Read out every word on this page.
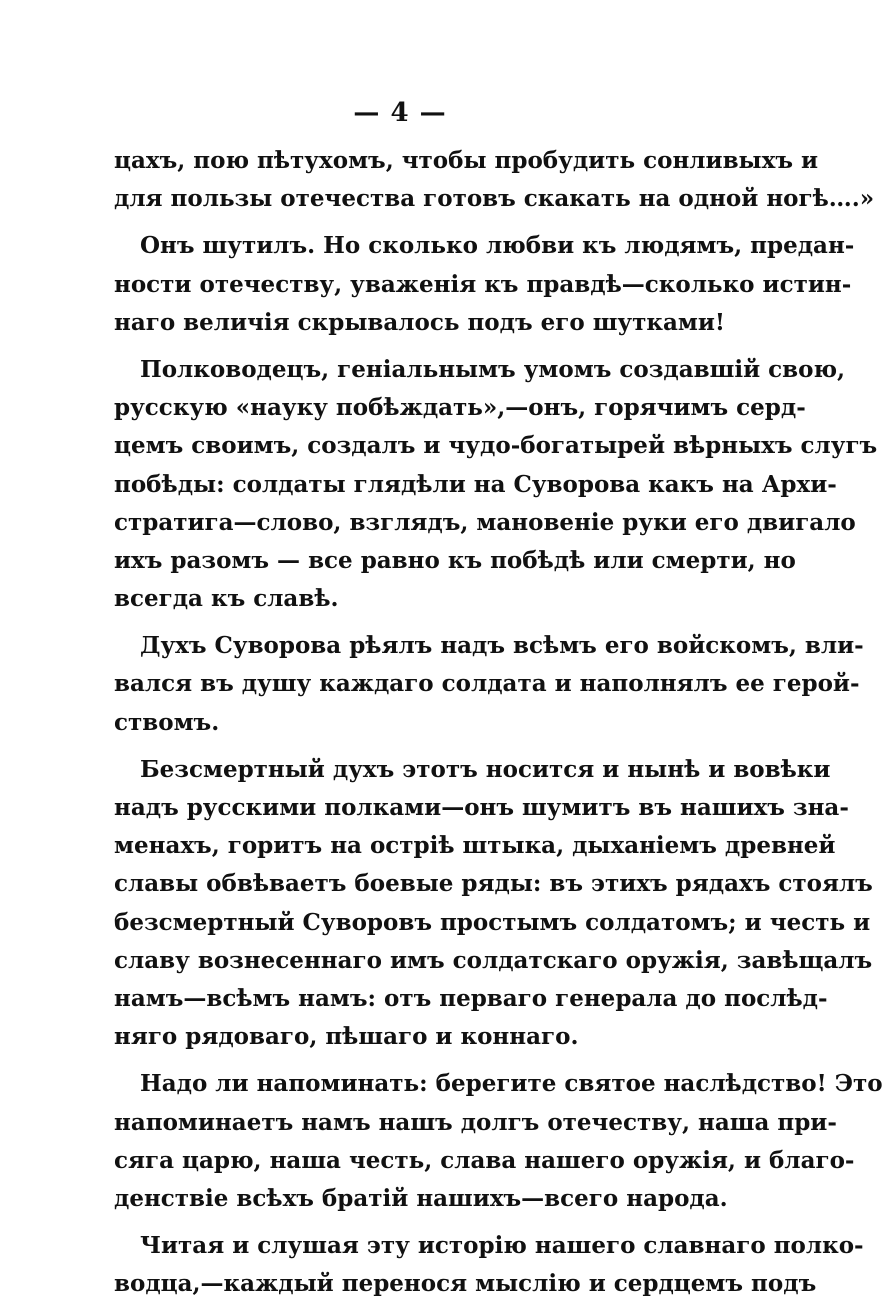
— 4 —
цахъ, пою пѣтухомъ, чтобы пробудить сонливыхъ и
для пользы отечества готовъ скакать на одной ногѣ….»
Онъ шутилъ. Но сколько любви къ людямъ, предан-
ности отечеству, уваженія къ правдѣ—сколько истин-
наго величія скрывалось подъ его шутками!
Полководецъ, геніальнымъ умомъ создавшій свою,
русскую «науку побѣждать»,—онъ, горячимъ серд-
цемъ своимъ, создалъ и чудо-богатырей вѣрныхъ слугъ
побѣды: солдаты глядѣли на Суворова какъ на Архи-
стратига—слово, взглядъ, мановеніе руки его двигало
ихъ разомъ — все равно къ побѣдѣ или смерти, но
всегда къ славѣ.
Духъ Суворова рѣялъ надъ всѣмъ его войскомъ, вли-
вался въ душу каждаго солдата и наполнялъ ее герой-
ствомъ.
Безсмертный духъ этотъ носится и нынѣ и вовѣки
надъ русскими полками—онъ шумитъ въ нашихъ зна-
менахъ, горитъ на острiѣ штыка, дыханіемъ древней
славы обвѣваетъ боевые ряды: въ этихъ рядахъ стоялъ
безсмертный Суворовъ простымъ солдатомъ; и честь и
славу вознесеннаго имъ солдатскаго оружія, завѣщалъ
намъ—всѣмъ намъ: отъ перваго генерала до послѣд-
няго рядоваго, пѣшаго и коннаго.
Надо ли напоминать: берегите святое наслѣдство! Это
напоминаетъ намъ нашъ долгъ отечеству, наша при-
сяга царю, наша честь, слава нашего оружія, и благо-
денствіе всѣхъ братій нашихъ—всего народа.
Читая и слушая эту исторію нашего славнаго полко-
водца,—каждый перенося мыслію и сердцемъ подъ
